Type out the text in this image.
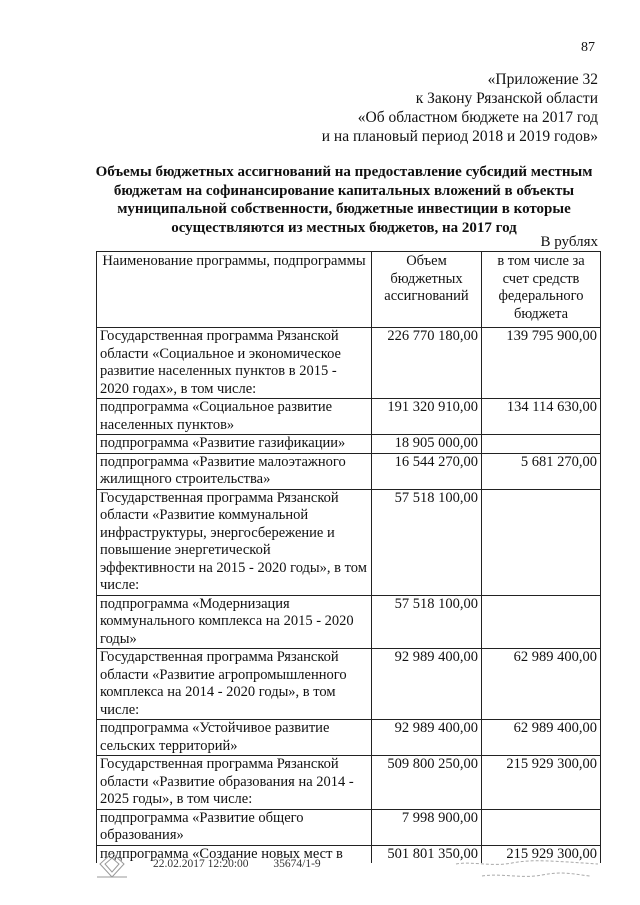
87
«Приложение 32
к Закону Рязанской области
«Об областном бюджете на 2017 год
и на плановый период 2018 и 2019 годов»
Объемы бюджетных ассигнований на предоставление субсидий местным бюджетам на софинансирование капитальных вложений в объекты муниципальной собственности, бюджетные инвестиции в которые осуществляются из местных бюджетов, на 2017 год
В рублях
Наименование программы, подпрограммы	Объем бюджетных ассигнований	в том числе за счет средств федерального бюджета
Государственная программа Рязанской области «Социальное и экономическое развитие населенных пунктов в 2015 - 2020 годах», в том числе:	226 770 180,00	139 795 900,00
подпрограмма «Социальное развитие населенных пунктов»	191 320 910,00	134 114 630,00
подпрограмма «Развитие газификации»	18 905 000,00	
подпрограмма «Развитие малоэтажного жилищного строительства»	16 544 270,00	5 681 270,00
Государственная программа Рязанской области «Развитие коммунальной инфраструктуры, энергосбережение и повышение энергетической эффективности на 2015 - 2020 годы», в том числе:	57 518 100,00	
подпрограмма «Модернизация коммунального комплекса на 2015 - 2020 годы»	57 518 100,00	
Государственная программа Рязанской области «Развитие агропромышленного комплекса на 2014 - 2020 годы», в том числе:	92 989 400,00	62 989 400,00
подпрограмма «Устойчивое развитие сельских территорий»	92 989 400,00	62 989 400,00
Государственная программа Рязанской области «Развитие образования на 2014 - 2025 годы», в том числе:	509 800 250,00	215 929 300,00
подпрограмма «Развитие общего образования»	7 998 900,00	
подпрограмма «Создание новых мест в	501 801 350,00	215 929 300,00
22.02.2017 12:20:00 35674/1-9
